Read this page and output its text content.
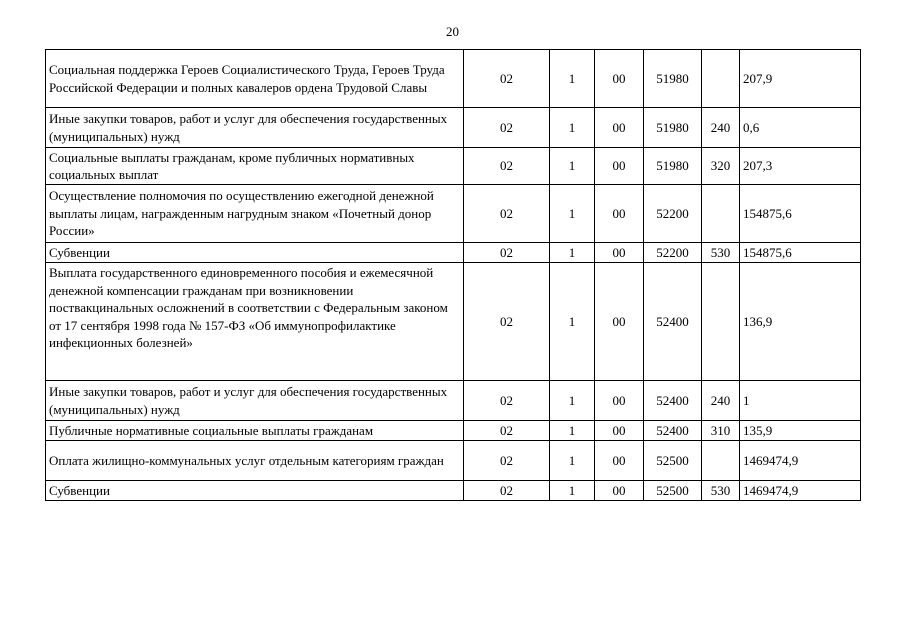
20
Социальная поддержка Героев Социалистического Труда, Героев Труда Российской Федерации и полных кавалеров ордена Трудовой Славы	02	1	00	51980		207,9
Иные закупки товаров, работ и услуг для обеспечения государственных (муниципальных) нужд	02	1	00	51980	240	0,6
Социальные выплаты гражданам, кроме публичных нормативных социальных выплат	02	1	00	51980	320	207,3
Осуществление полномочия по осуществлению ежегодной денежной выплаты лицам, награжденным нагрудным знаком «Почетный донор России»	02	1	00	52200		154875,6
Субвенции	02	1	00	52200	530	154875,6
Выплата государственного единовременного пособия и ежемесячной денежной компенсации гражданам при возникновении поствакцинальных осложнений в соответствии с Федеральным законом от 17 сентября 1998 года № 157-ФЗ «Об иммунопрофилактике инфекционных болезней»	02	1	00	52400		136,9
Иные закупки товаров, работ и услуг для обеспечения государственных (муниципальных) нужд	02	1	00	52400	240	1
Публичные нормативные социальные выплаты гражданам	02	1	00	52400	310	135,9
Оплата жилищно-коммунальных услуг отдельным категориям граждан	02	1	00	52500		1469474,9
Субвенции	02	1	00	52500	530	1469474,9
